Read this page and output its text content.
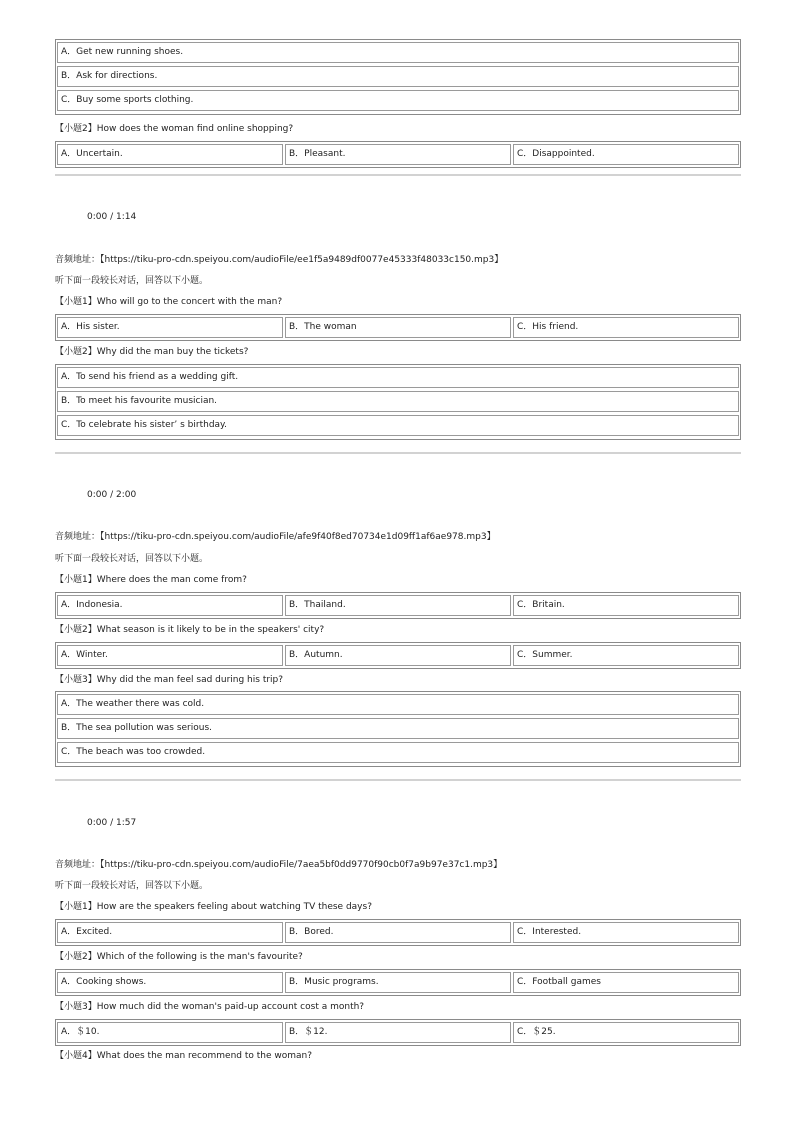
A．Get new running shoes.
B．Ask for directions.
C．Buy some sports clothing.
【小题2】How does the woman find online shopping?
A．Uncertain.	B．Pleasant.	C．Disappointed.
0:00 / 1:14
音频地址：【https://tiku-pro-cdn.speiyou.com/audioFile/ee1f5a9489df0077e45333f48033c150.mp3】
听下面一段较长对话，回答以下小题。
【小题1】Who will go to the concert with the man?
A．His sister.	B．The woman	C．His friend.
【小题2】Why did the man buy the tickets?
A．To send his friend as a wedding gift.
B．To meet his favourite musician.
C．To celebrate his sister’ s birthday.
0:00 / 2:00
音频地址：【https://tiku-pro-cdn.speiyou.com/audioFile/afe9f40f8ed70734e1d09ff1af6ae978.mp3】
听下面一段较长对话，回答以下小题。
【小题1】Where does the man come from?
A．Indonesia.	B．Thailand.	C．Britain.
【小题2】What season is it likely to be in the speakers' city?
A．Winter.	B．Autumn.	C．Summer.
【小题3】Why did the man feel sad during his trip?
A．The weather there was cold.
B．The sea pollution was serious.
C．The beach was too crowded.
0:00 / 1:57
音频地址：【https://tiku-pro-cdn.speiyou.com/audioFile/7aea5bf0dd9770f90cb0f7a9b97e37c1.mp3】
听下面一段较长对话，回答以下小题。
【小题1】How are the speakers feeling about watching TV these days?
A．Excited.	B．Bored.	C．Interested.
【小题2】Which of the following is the man's favourite?
A．Cooking shows.	B．Music programs.	C．Football games
【小题3】How much did the woman's paid-up account cost a month?
A．＄10.	B．＄12.	C．＄25.
【小题4】What does the man recommend to the woman?
